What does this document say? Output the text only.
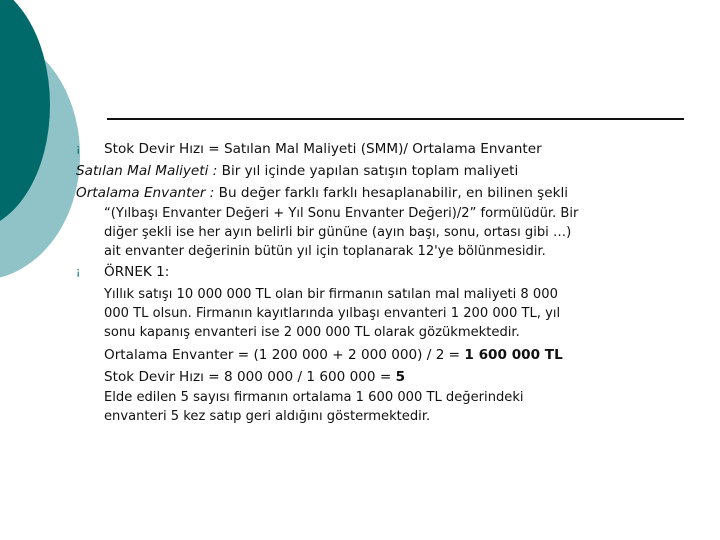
¡ Stok Devir Hızı = Satılan Mal Maliyeti (SMM)/ Ortalama Envanter
Satılan Mal Maliyeti : Bir yıl içinde yapılan satışın toplam maliyeti
Ortalama Envanter : Bu değer farklı farklı hesaplanabilir, en bilinen şekli
“(Yılbaşı Envanter Değeri + Yıl Sonu Envanter Değeri)/2” formülüdür. Bir
diğer şekli ise her ayın belirli bir gününe (ayın başı, sonu, ortası gibi …)
ait envanter değerinin bütün yıl için toplanarak 12'ye bölünmesidir.
¡ ÖRNEK 1:
Yıllık satışı 10 000 000 TL olan bir firmanın satılan mal maliyeti 8 000
000 TL olsun. Firmanın kayıtlarında yılbaşı envanteri 1 200 000 TL, yıl
sonu kapanış envanteri ise 2 000 000 TL olarak gözükmektedir.
Ortalama Envanter = (1 200 000 + 2 000 000) / 2 = 1 600 000 TL
Stok Devir Hızı = 8 000 000 / 1 600 000 = 5
Elde edilen 5 sayısı firmanın ortalama 1 600 000 TL değerindeki
envanteri 5 kez satıp geri aldığını göstermektedir.
